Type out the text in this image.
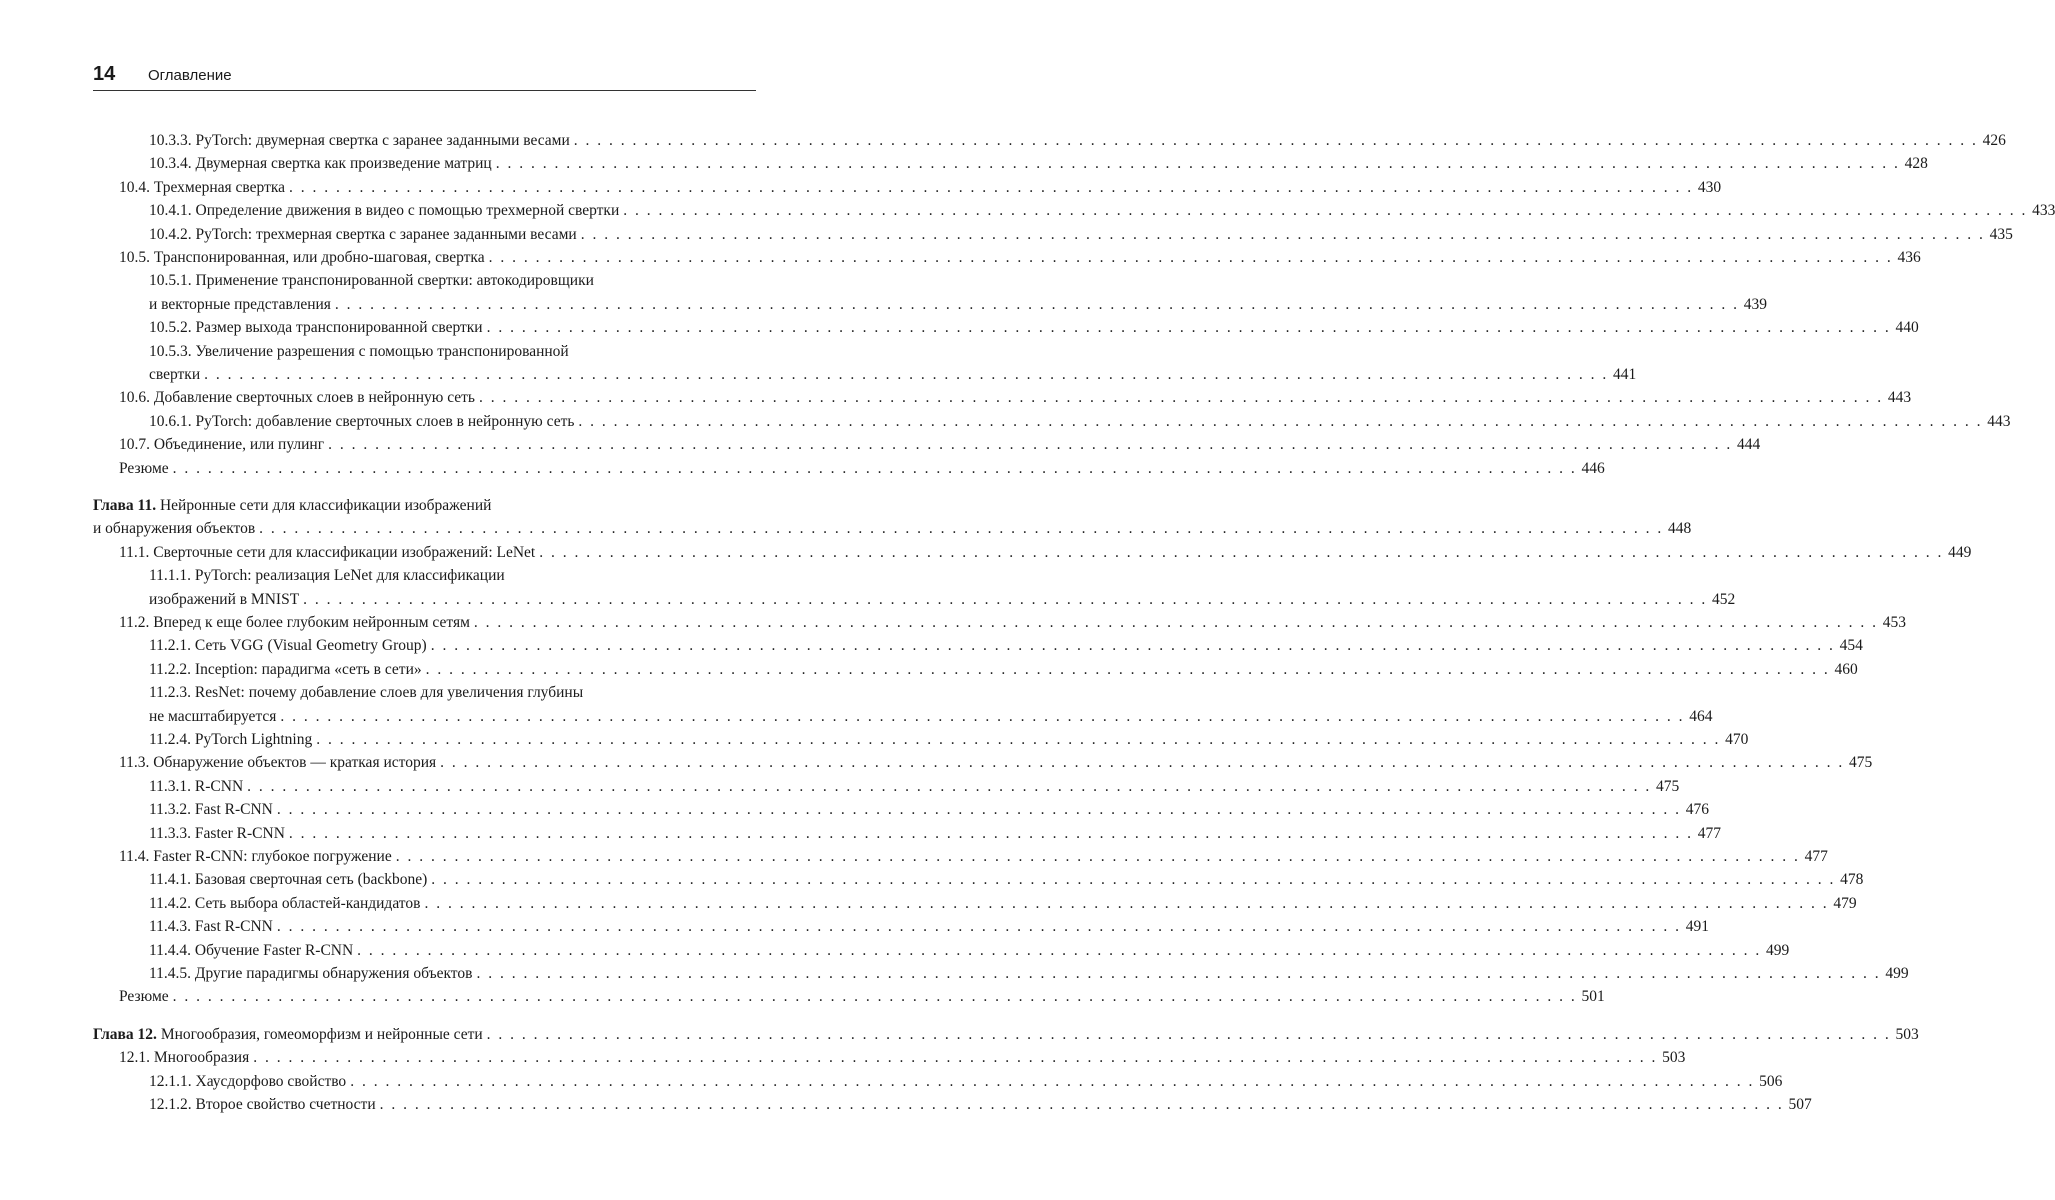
14	Оглавление
10.3.3. PyTorch: двумерная свертка с заранее заданными весами . . . . . . . . . . . . . . . . . . . . . . . . . . . . . . . . . . . . . . . . . . . . . . . . . . . . . . . . . . . . . . . . . . . . . . . . . . . . . . . . . . . . . . . . . . . . . . . . . . . . . . . . . . . . . . . . . . . . . . . . 426
10.3.4. Двумерная свертка как произведение матриц . . . . . . . . . . . . . . . . . . . . . . . . . . . . . . . . . . . . . . . . . . . . . . . . . . . . . . . . . . . . . . . . . . . . . . . . . . . . . . . . . . . . . . . . . . . . . . . . . . . . . . . . . . . . . . . . . . . . . . . . 428
10.4. Трехмерная свертка . . . . . . . . . . . . . . . . . . . . . . . . . . . . . . . . . . . . . . . . . . . . . . . . . . . . . . . . . . . . . . . . . . . . . . . . . . . . . . . . . . . . . . . . . . . . . . . . . . . . . . . . . . . . . . . . . . . . . . . . 430
10.4.1. Определение движения в видео с помощью трехмерной свертки . . . . . . . . . . . . . . . . . . . . . . . . . . . . . . . . . . . . . . . . . . . . . . . . . . . . . . . . . . . . . . . . . . . . . . . . . . . . . . . . . . . . . . . . . . . . . . . . . . . . . . . . . . . . . . . . . . . . . . . . 433
10.4.2. PyTorch: трехмерная свертка с заранее заданными весами . . . . . . . . . . . . . . . . . . . . . . . . . . . . . . . . . . . . . . . . . . . . . . . . . . . . . . . . . . . . . . . . . . . . . . . . . . . . . . . . . . . . . . . . . . . . . . . . . . . . . . . . . . . . . . . . . . . . . . . . 435
10.5. Транспонированная, или дробно-шаговая, свертка . . . . . . . . . . . . . . . . . . . . . . . . . . . . . . . . . . . . . . . . . . . . . . . . . . . . . . . . . . . . . . . . . . . . . . . . . . . . . . . . . . . . . . . . . . . . . . . . . . . . . . . . . . . . . . . . . . . . . . . . 436
10.5.1. Применение транспонированной свертки: автокодировщики
и векторные представления . . . . . . . . . . . . . . . . . . . . . . . . . . . . . . . . . . . . . . . . . . . . . . . . . . . . . . . . . . . . . . . . . . . . . . . . . . . . . . . . . . . . . . . . . . . . . . . . . . . . . . . . . . . . . . . . . . . . . . . . 439
10.5.2. Размер выхода транспонированной свертки . . . . . . . . . . . . . . . . . . . . . . . . . . . . . . . . . . . . . . . . . . . . . . . . . . . . . . . . . . . . . . . . . . . . . . . . . . . . . . . . . . . . . . . . . . . . . . . . . . . . . . . . . . . . . . . . . . . . . . . . 440
10.5.3. Увеличение разрешения с помощью транспонированной
свертки . . . . . . . . . . . . . . . . . . . . . . . . . . . . . . . . . . . . . . . . . . . . . . . . . . . . . . . . . . . . . . . . . . . . . . . . . . . . . . . . . . . . . . . . . . . . . . . . . . . . . . . . . . . . . . . . . . . . . . . . 441
10.6. Добавление сверточных слоев в нейронную сеть . . . . . . . . . . . . . . . . . . . . . . . . . . . . . . . . . . . . . . . . . . . . . . . . . . . . . . . . . . . . . . . . . . . . . . . . . . . . . . . . . . . . . . . . . . . . . . . . . . . . . . . . . . . . . . . . . . . . . . . . 443
10.6.1. PyTorch: добавление сверточных слоев в нейронную сеть . . . . . . . . . . . . . . . . . . . . . . . . . . . . . . . . . . . . . . . . . . . . . . . . . . . . . . . . . . . . . . . . . . . . . . . . . . . . . . . . . . . . . . . . . . . . . . . . . . . . . . . . . . . . . . . . . . . . . . . . 443
10.7. Объединение, или пулинг . . . . . . . . . . . . . . . . . . . . . . . . . . . . . . . . . . . . . . . . . . . . . . . . . . . . . . . . . . . . . . . . . . . . . . . . . . . . . . . . . . . . . . . . . . . . . . . . . . . . . . . . . . . . . . . . . . . . . . . . 444
Резюме . . . . . . . . . . . . . . . . . . . . . . . . . . . . . . . . . . . . . . . . . . . . . . . . . . . . . . . . . . . . . . . . . . . . . . . . . . . . . . . . . . . . . . . . . . . . . . . . . . . . . . . . . . . . . . . . . . . . . . . . 446
Глава 11. Нейронные сети для классификации изображений
и обнаружения объектов . . . . . . . . . . . . . . . . . . . . . . . . . . . . . . . . . . . . . . . . . . . . . . . . . . . . . . . . . . . . . . . . . . . . . . . . . . . . . . . . . . . . . . . . . . . . . . . . . . . . . . . . . . . . . . . . . . . . . . . . 448
11.1. Сверточные сети для классификации изображений: LeNet . . . . . . . . . . . . . . . . . . . . . . . . . . . . . . . . . . . . . . . . . . . . . . . . . . . . . . . . . . . . . . . . . . . . . . . . . . . . . . . . . . . . . . . . . . . . . . . . . . . . . . . . . . . . . . . . . . . . . . . . 449
11.1.1. PyTorch: реализация LeNet для классификации
изображений в MNIST . . . . . . . . . . . . . . . . . . . . . . . . . . . . . . . . . . . . . . . . . . . . . . . . . . . . . . . . . . . . . . . . . . . . . . . . . . . . . . . . . . . . . . . . . . . . . . . . . . . . . . . . . . . . . . . . . . . . . . . . 452
11.2. Вперед к еще более глубоким нейронным сетям . . . . . . . . . . . . . . . . . . . . . . . . . . . . . . . . . . . . . . . . . . . . . . . . . . . . . . . . . . . . . . . . . . . . . . . . . . . . . . . . . . . . . . . . . . . . . . . . . . . . . . . . . . . . . . . . . . . . . . . . 453
11.2.1. Сеть VGG (Visual Geometry Group) . . . . . . . . . . . . . . . . . . . . . . . . . . . . . . . . . . . . . . . . . . . . . . . . . . . . . . . . . . . . . . . . . . . . . . . . . . . . . . . . . . . . . . . . . . . . . . . . . . . . . . . . . . . . . . . . . . . . . . . . 454
11.2.2. Inception: парадигма «сеть в сети» . . . . . . . . . . . . . . . . . . . . . . . . . . . . . . . . . . . . . . . . . . . . . . . . . . . . . . . . . . . . . . . . . . . . . . . . . . . . . . . . . . . . . . . . . . . . . . . . . . . . . . . . . . . . . . . . . . . . . . . . 460
11.2.3. ResNet: почему добавление слоев для увеличения глубины
не масштабируется . . . . . . . . . . . . . . . . . . . . . . . . . . . . . . . . . . . . . . . . . . . . . . . . . . . . . . . . . . . . . . . . . . . . . . . . . . . . . . . . . . . . . . . . . . . . . . . . . . . . . . . . . . . . . . . . . . . . . . . . 464
11.2.4. PyTorch Lightning . . . . . . . . . . . . . . . . . . . . . . . . . . . . . . . . . . . . . . . . . . . . . . . . . . . . . . . . . . . . . . . . . . . . . . . . . . . . . . . . . . . . . . . . . . . . . . . . . . . . . . . . . . . . . . . . . . . . . . . . 470
11.3. Обнаружение объектов — краткая история . . . . . . . . . . . . . . . . . . . . . . . . . . . . . . . . . . . . . . . . . . . . . . . . . . . . . . . . . . . . . . . . . . . . . . . . . . . . . . . . . . . . . . . . . . . . . . . . . . . . . . . . . . . . . . . . . . . . . . . . 475
11.3.1. R-CNN . . . . . . . . . . . . . . . . . . . . . . . . . . . . . . . . . . . . . . . . . . . . . . . . . . . . . . . . . . . . . . . . . . . . . . . . . . . . . . . . . . . . . . . . . . . . . . . . . . . . . . . . . . . . . . . . . . . . . . . . 475
11.3.2. Fast R-CNN . . . . . . . . . . . . . . . . . . . . . . . . . . . . . . . . . . . . . . . . . . . . . . . . . . . . . . . . . . . . . . . . . . . . . . . . . . . . . . . . . . . . . . . . . . . . . . . . . . . . . . . . . . . . . . . . . . . . . . . . 476
11.3.3. Faster R-CNN . . . . . . . . . . . . . . . . . . . . . . . . . . . . . . . . . . . . . . . . . . . . . . . . . . . . . . . . . . . . . . . . . . . . . . . . . . . . . . . . . . . . . . . . . . . . . . . . . . . . . . . . . . . . . . . . . . . . . . . . 477
11.4. Faster R-CNN: глубокое погружение . . . . . . . . . . . . . . . . . . . . . . . . . . . . . . . . . . . . . . . . . . . . . . . . . . . . . . . . . . . . . . . . . . . . . . . . . . . . . . . . . . . . . . . . . . . . . . . . . . . . . . . . . . . . . . . . . . . . . . . . 477
11.4.1. Базовая сверточная сеть (backbone) . . . . . . . . . . . . . . . . . . . . . . . . . . . . . . . . . . . . . . . . . . . . . . . . . . . . . . . . . . . . . . . . . . . . . . . . . . . . . . . . . . . . . . . . . . . . . . . . . . . . . . . . . . . . . . . . . . . . . . . . 478
11.4.2. Сеть выбора областей-кандидатов . . . . . . . . . . . . . . . . . . . . . . . . . . . . . . . . . . . . . . . . . . . . . . . . . . . . . . . . . . . . . . . . . . . . . . . . . . . . . . . . . . . . . . . . . . . . . . . . . . . . . . . . . . . . . . . . . . . . . . . . 479
11.4.3. Fast R-CNN . . . . . . . . . . . . . . . . . . . . . . . . . . . . . . . . . . . . . . . . . . . . . . . . . . . . . . . . . . . . . . . . . . . . . . . . . . . . . . . . . . . . . . . . . . . . . . . . . . . . . . . . . . . . . . . . . . . . . . . . 491
11.4.4. Обучение Faster R-CNN . . . . . . . . . . . . . . . . . . . . . . . . . . . . . . . . . . . . . . . . . . . . . . . . . . . . . . . . . . . . . . . . . . . . . . . . . . . . . . . . . . . . . . . . . . . . . . . . . . . . . . . . . . . . . . . . . . . . . . . . 499
11.4.5. Другие парадигмы обнаружения объектов . . . . . . . . . . . . . . . . . . . . . . . . . . . . . . . . . . . . . . . . . . . . . . . . . . . . . . . . . . . . . . . . . . . . . . . . . . . . . . . . . . . . . . . . . . . . . . . . . . . . . . . . . . . . . . . . . . . . . . . . 499
Резюме . . . . . . . . . . . . . . . . . . . . . . . . . . . . . . . . . . . . . . . . . . . . . . . . . . . . . . . . . . . . . . . . . . . . . . . . . . . . . . . . . . . . . . . . . . . . . . . . . . . . . . . . . . . . . . . . . . . . . . . . 501
Глава 12. Многообразия, гомеоморфизм и нейронные сети . . . . . . . . . . . . . . . . . . . . . . . . . . . . . . . . . . . . . . . . . . . . . . . . . . . . . . . . . . . . . . . . . . . . . . . . . . . . . . . . . . . . . . . . . . . . . . . . . . . . . . . . . . . . . . . . . . . . . . . . 503
12.1. Многообразия . . . . . . . . . . . . . . . . . . . . . . . . . . . . . . . . . . . . . . . . . . . . . . . . . . . . . . . . . . . . . . . . . . . . . . . . . . . . . . . . . . . . . . . . . . . . . . . . . . . . . . . . . . . . . . . . . . . . . . . . 503
12.1.1. Хаусдорфово свойство . . . . . . . . . . . . . . . . . . . . . . . . . . . . . . . . . . . . . . . . . . . . . . . . . . . . . . . . . . . . . . . . . . . . . . . . . . . . . . . . . . . . . . . . . . . . . . . . . . . . . . . . . . . . . . . . . . . . . . . . 506
12.1.2. Второе свойство счетности . . . . . . . . . . . . . . . . . . . . . . . . . . . . . . . . . . . . . . . . . . . . . . . . . . . . . . . . . . . . . . . . . . . . . . . . . . . . . . . . . . . . . . . . . . . . . . . . . . . . . . . . . . . . . . . . . . . . . . . . 507
